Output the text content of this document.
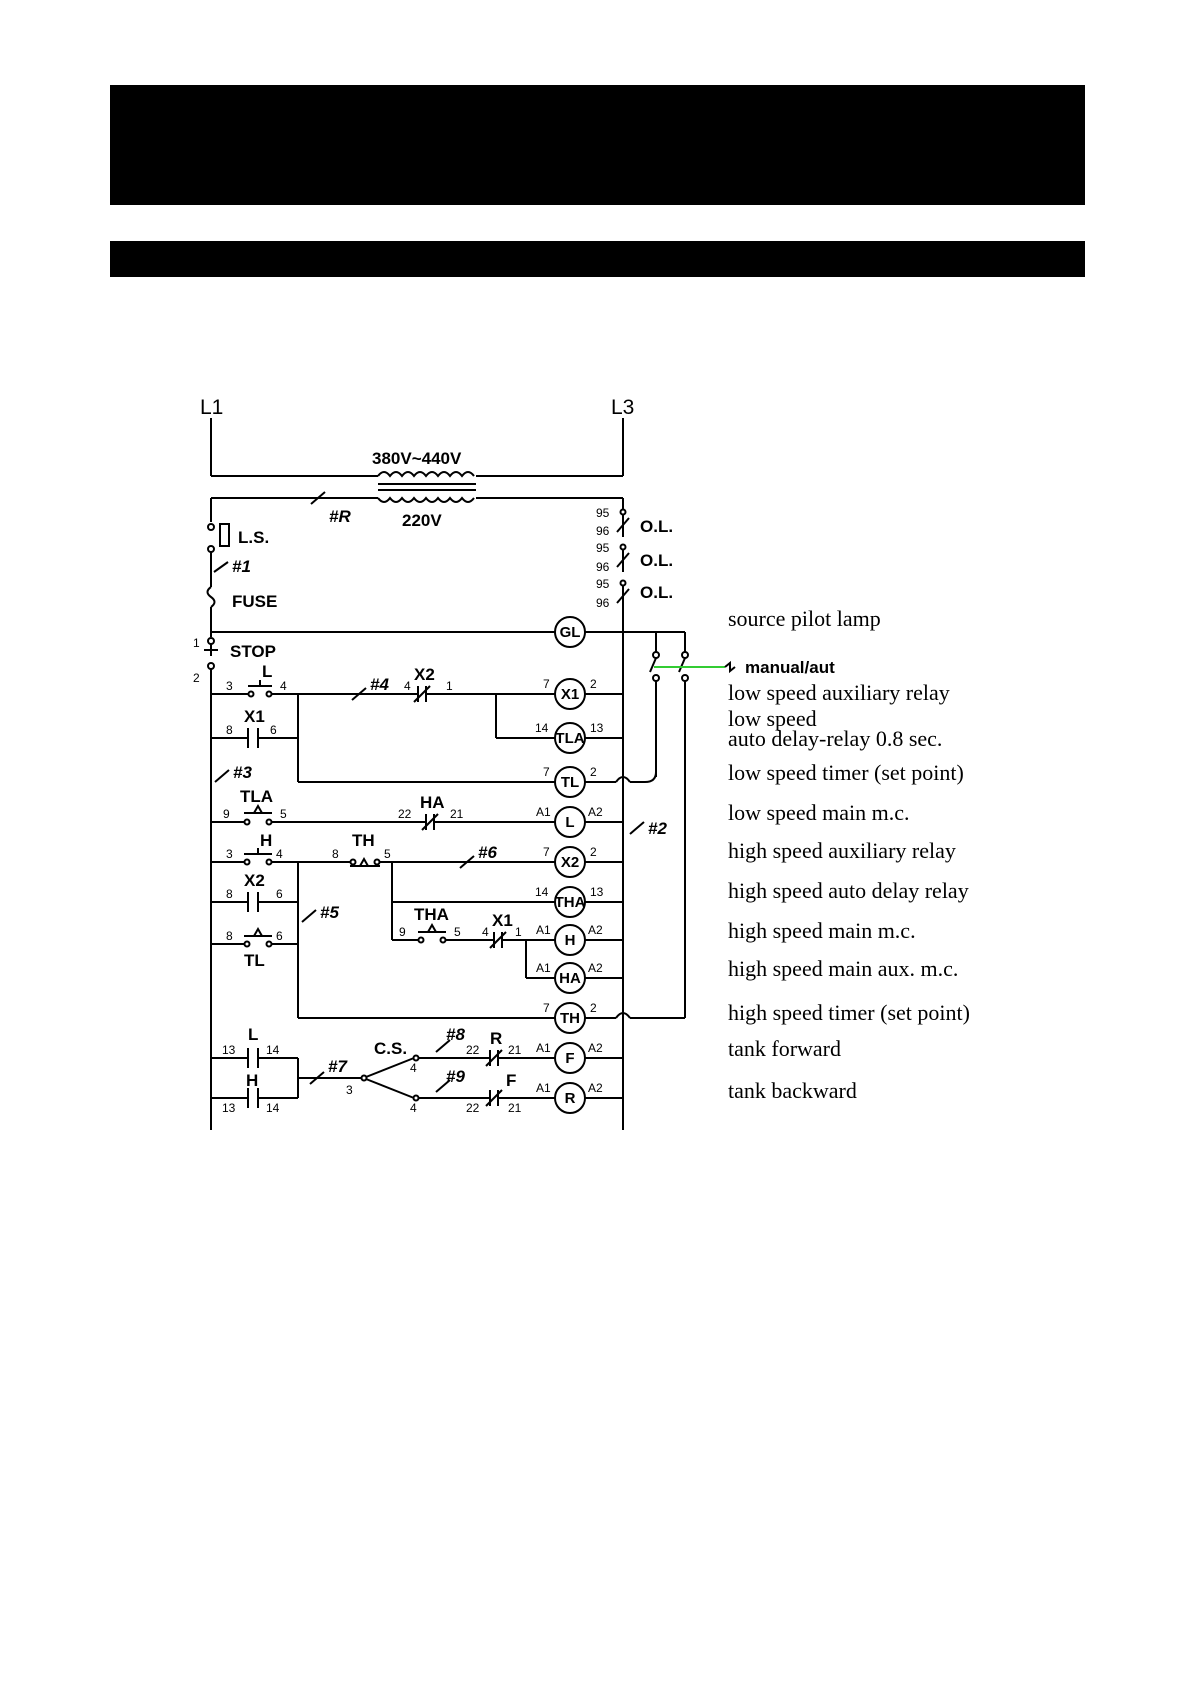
L1	L3
380V~440V
220V
#R
L.S.
#1
FUSE
1
2
STOP
95
96 O.L.
95
96 O.L.
95
96
O.L.
GL
manual/aut
3
L
4	#4 4
X2
1	7
X1
2
8
X1
6	14
TLA
13
7
TL
2
#3
9
TLA
5	22
HA
21	A1
L
A2
#2
3
H
4	8
TH
5	#6	7
X2
2
8
X2
6
8	6
TL
#5
14
THA
13
9
THA
5 4
X1
1 A1
H
A2
A1
HA
A2
7
TH
2
13
L
14
13
H
14
#7
3
C.S.
4
4
#8
22
R
21 A1
F
A2
#9
22
F
21
A1
R
A2
source pilot lamp
low speed auxiliary relay
low speed
auto delay-relay 0.8 sec.
low speed timer (set point)
low speed main m.c.
high speed auxiliary relay
high speed auto delay relay
high speed main m.c.
high speed main aux. m.c.
high speed timer (set point)
tank forward
tank backward
